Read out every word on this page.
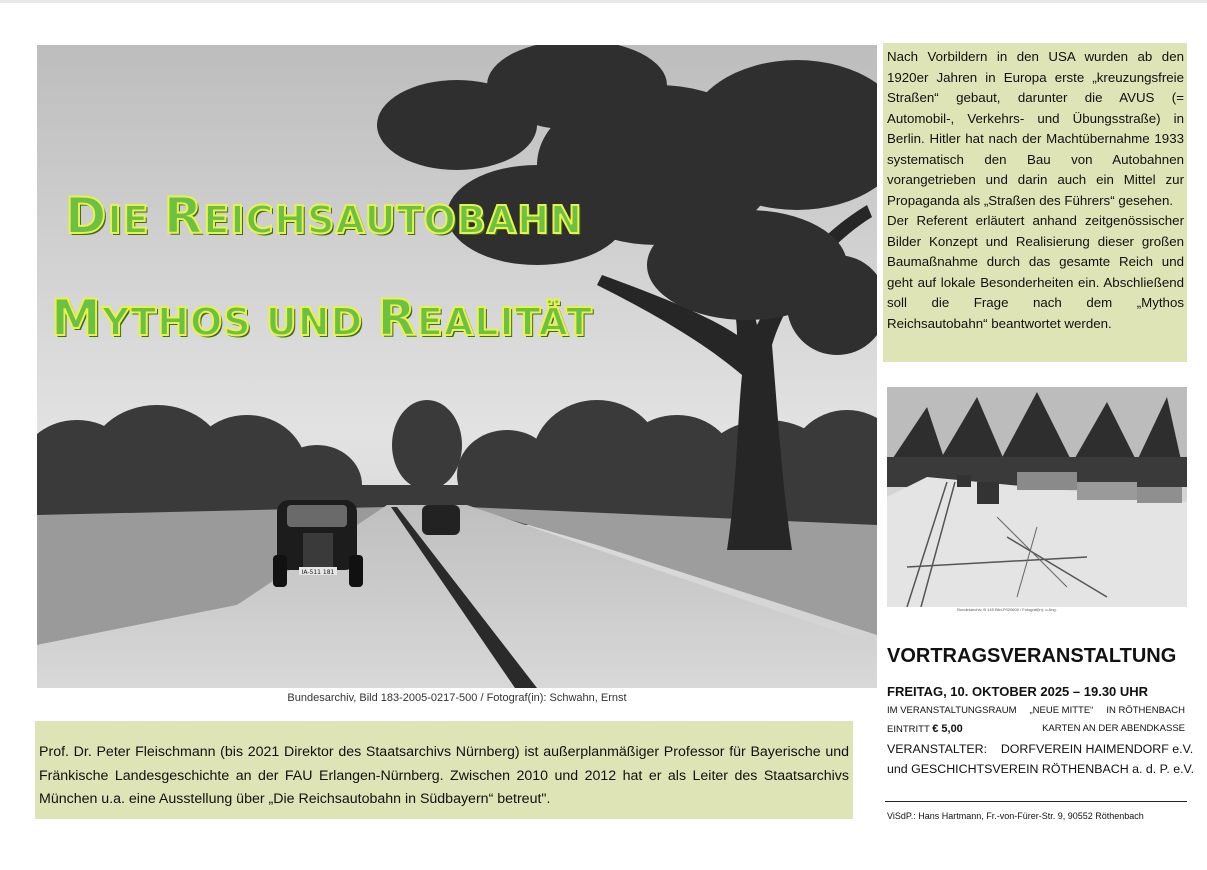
IA-511 181
DIE REICHSAUTOBAHN
MYTHOS UND REALITÄT
Bundesarchiv, Bild 183-2005-0217-500 / Fotograf(in): Schwahn, Ernst
Prof. Dr. Peter Fleischmann (bis 2021 Direktor des Staatsarchivs Nürnberg) ist außerplanmäßiger Professor für Bayerische und Fränkische Landesgeschichte an der FAU Erlangen-Nürnberg. Zwischen 2010 und 2012 hat er als Leiter des Staatsarchivs München u.a. eine Ausstellung über „Die Reichsautobahn in Südbayern“ betreut".

Nach Vorbildern in den USA wurden ab den 1920er Jahren in Europa erste „kreuzungsfreie Straßen“ gebaut, darunter die AVUS (= Automobil-, Verkehrs- und Übungsstraße) in Berlin. Hitler hat nach der Machtübernahme 1933 systematisch den Bau von Autobahnen vorangetrieben und darin auch ein Mittel zur Propaganda als „Straßen des Führers“ gesehen.

Der Referent erläutert anhand zeitgenössischer Bilder Konzept und Realisierung dieser großen Baumaßnahme durch das gesamte Reich und geht auf lokale Besonderheiten ein. Abschließend soll die Frage nach dem „Mythos Reichsautobahn“ beantwortet werden.

Bundesarchiv, B 145 Bild-P020600 / Fotograf(in): o.Ang.
VORTRAGSVERANSTALTUNG
FREITAG, 10. OKTOBER 2025 – 19.30 UHR
IM VERANSTALTUNGSRAUM „NEUE MITTE“ IN RÖTHENBACH
EINTRITT € 5,00	KARTEN AN DER ABENDKASSE
VERANSTALTER: DORFVEREIN HAIMENDORF e.V.
und GESCHICHTSVEREIN RÖTHENBACH a. d. P. e.V.
ViSdP.: Hans Hartmann, Fr.-von-Fürer-Str. 9, 90552 Röthenbach
